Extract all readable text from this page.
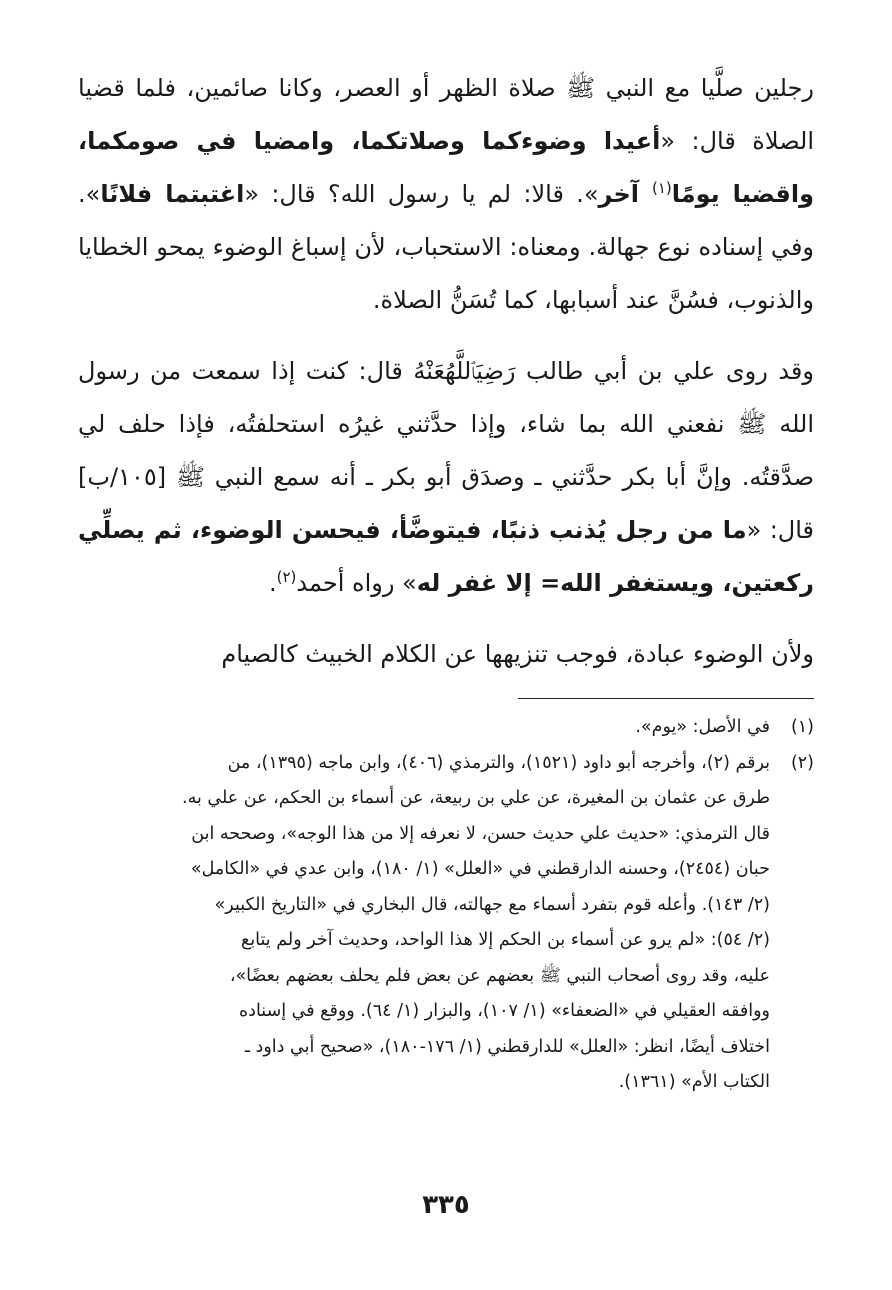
رجلين صلَّيا مع النبي ﷺ صلاة الظهر أو العصر، وكانا صائمين، فلما قضيا الصلاة قال: «أعيدا وضوءكما وصلاتكما، وامضيا في صومكما، واقضيا يومًا$^{(١)}$ آخر». قالا: لم يا رسول الله؟ قال: «اغتبتما فلانًا». وفي إسناده نوع جهالة. ومعناه: الاستحباب، لأن إسباغ الوضوء يمحو الخطايا والذنوب، فسُنَّ عند أسبابها، كما تُسَنُّ الصلاة.

وقد روى علي بن أبي طالب رَضِيَٱللَّهُعَنْهُ قال: كنت إذا سمعت من رسول الله ﷺ نفعني الله بما شاء، وإذا حدَّثني غيرُه استحلفتُه، فإذا حلف لي صدَّقتُه. وإنَّ أبا بكر حدَّثني ـ وصدَق أبو بكر ـ أنه سمع النبي ﷺ [١٠٥/ب] قال: «ما من رجل يُذنب ذنبًا، فيتوضَّأ، فيحسن الوضوء، ثم يصلِّي ركعتين، ويستغفر الله= إلا غفر له» رواه أحمد$^{(٢)}$.

ولأن الوضوء عبادة، فوجب تنزيهها عن الكلام الخبيث كالصيام

(١)
في الأصل: «يوم».
(٢)
برقم (٢)، وأخرجه أبو داود (١٥٢١)، والترمذي (٤٠٦)، وابن ماجه (١٣٩٥)، من
طرق عن عثمان بن المغيرة، عن علي بن ربيعة، عن أسماء بن الحكم، عن علي به.
قال الترمذي: «حديث علي حديث حسن، لا نعرفه إلا من هذا الوجه»، وصححه ابن
حبان (٢٤٥٤)، وحسنه الدارقطني في «العلل» (١/ ١٨٠)، وابن عدي في «الكامل»
(٢/ ١٤٣). وأعله قوم بتفرد أسماء مع جهالته، قال البخاري في «التاريخ الكبير»
(٢/ ٥٤): «لم يرو عن أسماء بن الحكم إلا هذا الواحد، وحديث آخر ولم يتابع
عليه، وقد روى أصحاب النبي ﷺ بعضهم عن بعض فلم يحلف بعضهم بعضًا»،
ووافقه العقيلي في «الضعفاء» (١/ ١٠٧)، والبزار (١/ ٦٤). ووقع في إسناده
اختلاف أيضًا، انظر: «العلل» للدارقطني (١/ ١٧٦-١٨٠)، «صحيح أبي داود ـ
الكتاب الأم» (١٣٦١).
٣٣٥
